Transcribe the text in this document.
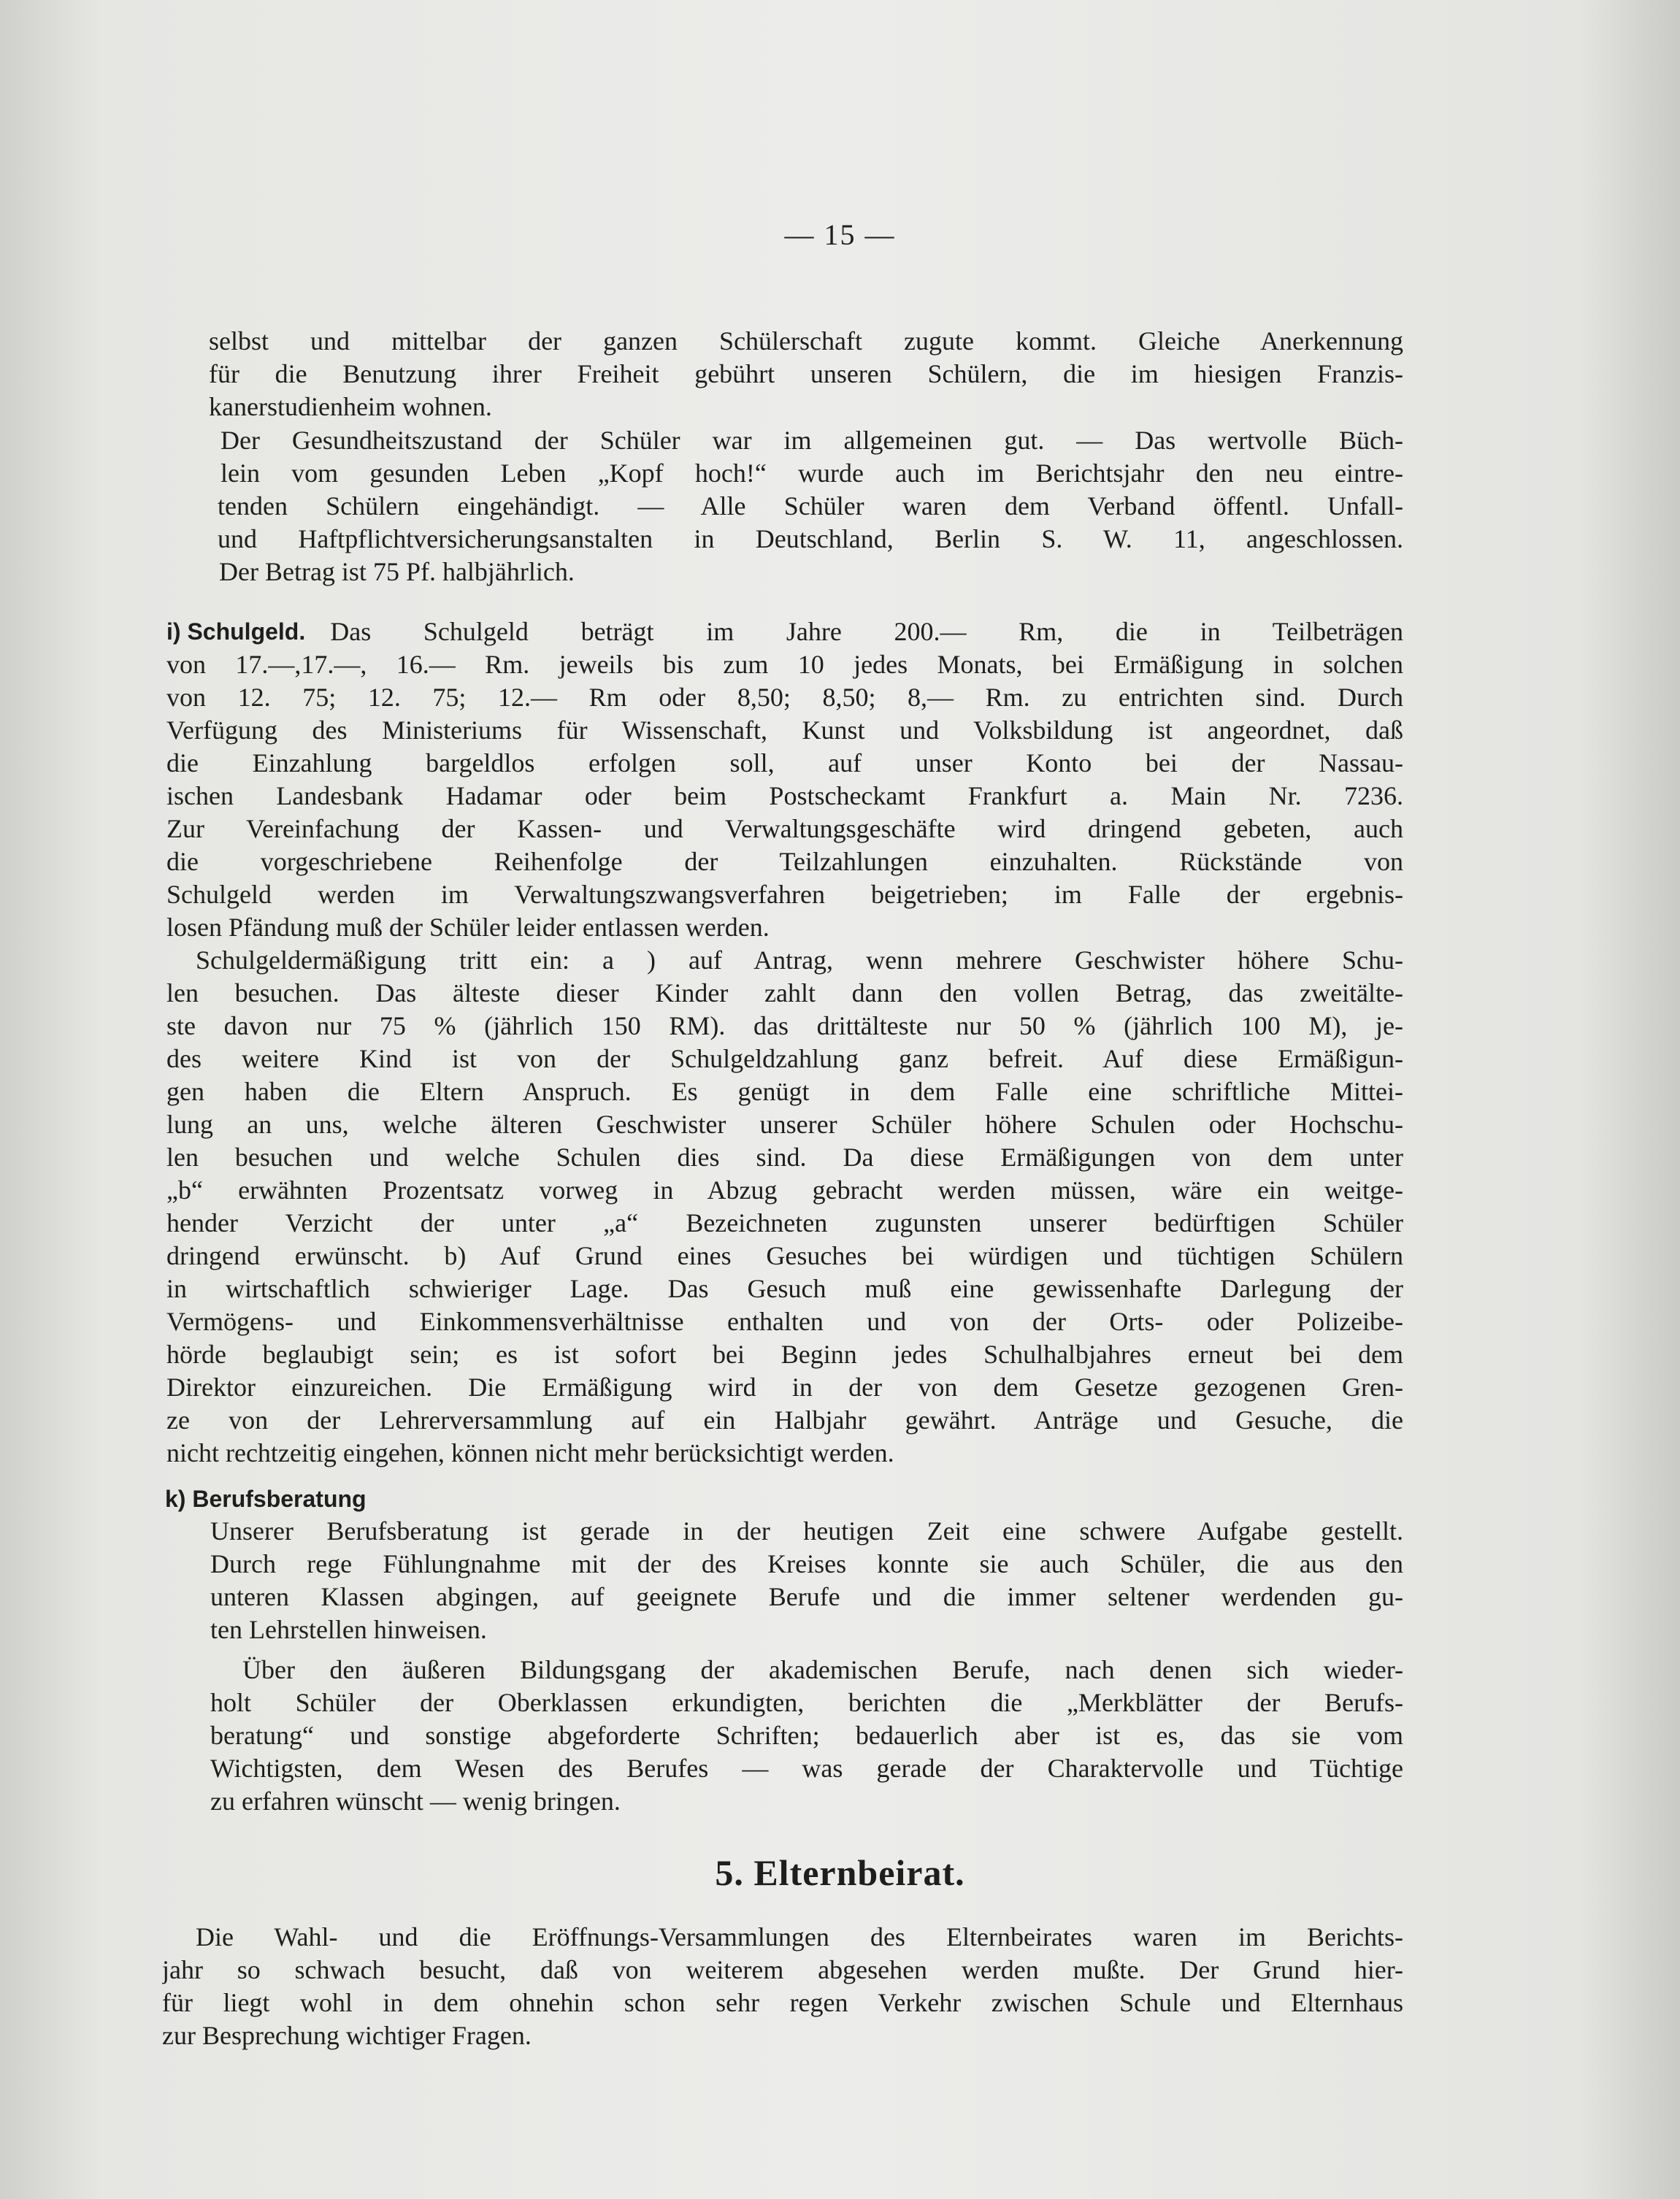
— 15 —
selbst und mittelbar der ganzen Schülerschaft zugute kommt. Gleiche Anerkennung
für die Benutzung ihrer Freiheit gebührt unseren Schülern, die im hiesigen Franzis-
kanerstudienheim wohnen.
Der Gesundheitszustand der Schüler war im allgemeinen gut. — Das wertvolle Büch-
lein vom gesunden Leben „Kopf hoch!“ wurde auch im Berichtsjahr den neu eintre-
tenden Schülern eingehändigt. — Alle Schüler waren dem Verband öffentl. Unfall-
und Haftpflichtversicherungsanstalten in Deutschland, Berlin S. W. 11, angeschlossen.
Der Betrag ist 75 Pf. halbjährlich.
i) Schulgeld. Das Schulgeld beträgt im Jahre 200.— Rm, die in Teilbeträgen
von 17.—,17.—, 16.— Rm. jeweils bis zum 10 jedes Monats, bei Ermäßigung in solchen
von 12. 75; 12. 75; 12.— Rm oder 8,50; 8,50; 8,— Rm. zu entrichten sind. Durch
Verfügung des Ministeriums für Wissenschaft, Kunst und Volksbildung ist angeordnet, daß
die Einzahlung bargeldlos erfolgen soll, auf unser Konto bei der Nassau-
ischen Landesbank Hadamar oder beim Postscheckamt Frankfurt a. Main Nr. 7236.
Zur Vereinfachung der Kassen- und Verwaltungsgeschäfte wird dringend gebeten, auch
die vorgeschriebene Reihenfolge der Teilzahlungen einzuhalten. Rückstände von
Schulgeld werden im Verwaltungszwangsverfahren beigetrieben; im Falle der ergebnis-
losen Pfändung muß der Schüler leider entlassen werden.
Schulgeldermäßigung tritt ein: a ) auf Antrag, wenn mehrere Geschwister höhere Schu-
len besuchen. Das älteste dieser Kinder zahlt dann den vollen Betrag, das zweitälte-
ste davon nur 75 % (jährlich 150 RM). das drittälteste nur 50 % (jährlich 100 M), je-
des weitere Kind ist von der Schulgeldzahlung ganz befreit. Auf diese Ermäßigun-
gen haben die Eltern Anspruch. Es genügt in dem Falle eine schriftliche Mittei-
lung an uns, welche älteren Geschwister unserer Schüler höhere Schulen oder Hochschu-
len besuchen und welche Schulen dies sind. Da diese Ermäßigungen von dem unter
„b“ erwähnten Prozentsatz vorweg in Abzug gebracht werden müssen, wäre ein weitge-
hender Verzicht der unter „a“ Bezeichneten zugunsten unserer bedürftigen Schüler
dringend erwünscht. b) Auf Grund eines Gesuches bei würdigen und tüchtigen Schülern
in wirtschaftlich schwieriger Lage. Das Gesuch muß eine gewissenhafte Darlegung der
Vermögens- und Einkommensverhältnisse enthalten und von der Orts- oder Polizeibe-
hörde beglaubigt sein; es ist sofort bei Beginn jedes Schulhalbjahres erneut bei dem
Direktor einzureichen. Die Ermäßigung wird in der von dem Gesetze gezogenen Gren-
ze von der Lehrerversammlung auf ein Halbjahr gewährt. Anträge und Gesuche, die
nicht rechtzeitig eingehen, können nicht mehr berücksichtigt werden.
k) Berufsberatung
Unserer Berufsberatung ist gerade in der heutigen Zeit eine schwere Aufgabe gestellt.
Durch rege Fühlungnahme mit der des Kreises konnte sie auch Schüler, die aus den
unteren Klassen abgingen, auf geeignete Berufe und die immer seltener werdenden gu-
ten Lehrstellen hinweisen.
Über den äußeren Bildungsgang der akademischen Berufe, nach denen sich wieder-
holt Schüler der Oberklassen erkundigten, berichten die „Merkblätter der Berufs-
beratung“ und sonstige abgeforderte Schriften; bedauerlich aber ist es, das sie vom
Wichtigsten, dem Wesen des Berufes — was gerade der Charaktervolle und Tüchtige
zu erfahren wünscht — wenig bringen.
5. Elternbeirat.
Die Wahl- und die Eröffnungs-Versammlungen des Elternbeirates waren im Berichts-
jahr so schwach besucht, daß von weiterem abgesehen werden mußte. Der Grund hier-
für liegt wohl in dem ohnehin schon sehr regen Verkehr zwischen Schule und Elternhaus
zur Besprechung wichtiger Fragen.
